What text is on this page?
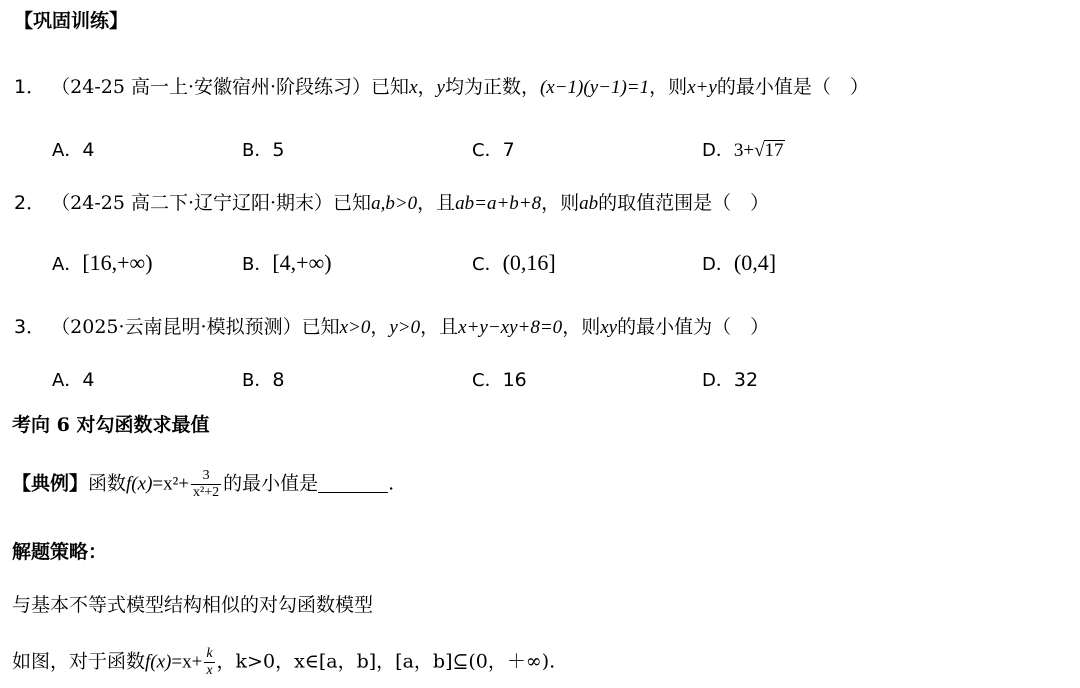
【巩固训练】
1． （24-25 高一上·安徽宿州·阶段练习）已知x，y均为正数，(x−1)(y−1)=1，则x+y的最小值是（　）
A．4	B．5	C．7	D．3+√17
2． （24-25 高二下·辽宁辽阳·期末）已知a,b>0，且ab=a+b+8，则ab的取值范围是（　）
A．[16,+∞)	B．[4,+∞)	C．(0,16]	D．(0,4]
3． （2025·云南昆明·模拟预测）已知x>0，y>0，且x+y−xy+8=0，则xy的最小值为（　）
A．4	B．8	C．16	D．32
考向 6 对勾函数求最值
【典例】函数$f(x)=x^2+ \frac{3}{\text{x²+2}}$ 的最小值是	.
解题策略：
与基本不等式模型结构相似的对勾函数模型
如图，对于函数$f(x)=x+ \frac{k}{x}$ ，k>0，x∈[a，b]，[a，b]⊆(0，＋∞).
